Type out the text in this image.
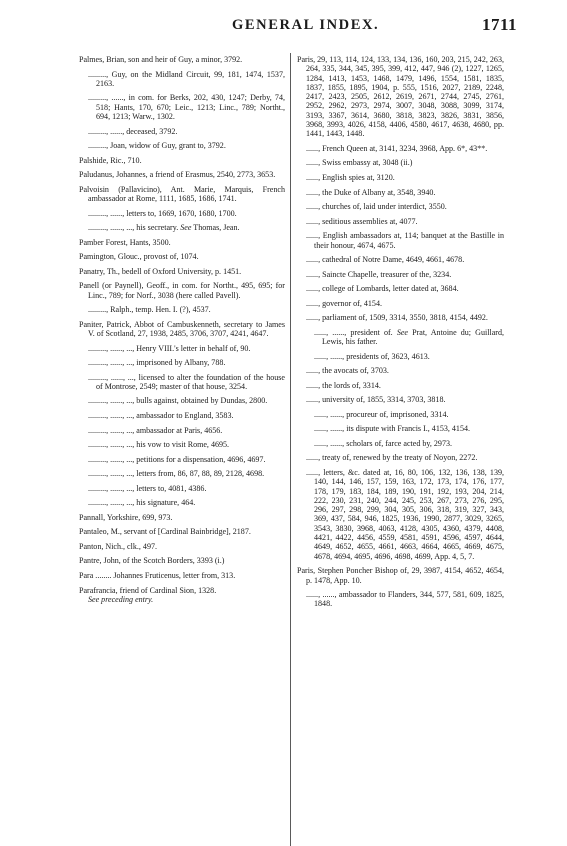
GENERAL INDEX.	1711
Palmes, Brian, son and heir of Guy, a minor, 3792.
........., Guy, on the Midland Circuit, 99, 181, 1474, 1537, 2163.
........., ......, in com. for Berks, 202, 430, 1247; Derby, 74, 518; Hants, 170, 670; Leic., 1213; Linc., 789; Northt., 694, 1213; Warw., 1302.
........., ......, deceased, 3792.
........., Joan, widow of Guy, grant to, 3792.
Palshide, Ric., 710.
Paludanus, Johannes, a friend of Erasmus, 2540, 2773, 3653.
Palvoisin (Pallavicino), Ant. Marie, Marquis, French ambassador at Rome, 1111, 1685, 1686, 1741.
........., ......, letters to, 1669, 1670, 1680, 1700.
........., ......, ..., his secretary. See Thomas, Jean.
Pamber Forest, Hants, 3500.
Pamington, Glouc., provost of, 1074.
Panatry, Th., bedell of Oxford University, p. 1451.
Panell (or Paynell), Geoff., in com. for Northt., 495, 695; for Linc., 789; for Norf., 3038 (here called Pavell).
........., Ralph., temp. Hen. I. (?), 4537.
Paniter, Patrick, Abbot of Cambuskenneth, secretary to James V. of Scotland, 27, 1938, 2485, 3706, 3707, 4241, 4647.
........., ......, ..., Henry VIII.'s letter in behalf of, 90.
........., ......, ..., imprisoned by Albany, 788.
........., ......, ..., licensed to alter the foundation of the house of Montrose, 2549; master of that house, 3254.
........., ......, ..., bulls against, obtained by Dundas, 2800.
........., ......, ..., ambassador to England, 3583.
........., ......, ..., ambassador at Paris, 4656.
........., ......, ..., his vow to visit Rome, 4695.
........., ......, ..., petitions for a dispensation, 4696, 4697.
........., ......, ..., letters from, 86, 87, 88, 89, 2128, 4698.
........., ......, ..., letters to, 4081, 4386.
........., ......, ..., his signature, 464.
Pannall, Yorkshire, 699, 973.
Pantaleo, M., servant of [Cardinal Bainbridge], 2187.
Panton, Nich., clk., 497.
Pantre, John, of the Scotch Borders, 3393 (i.)
Para ........ Johannes Fruticenus, letter from, 313.
Parafrancia, friend of Cardinal Sion, 1328.
See preceding entry.
Paris, 29, 113, 114, 124, 133, 134, 136, 160, 203, 215, 242, 263, 264, 335, 344, 345, 395, 399, 412, 447, 946 (2), 1227, 1265, 1284, 1413, 1453, 1468, 1479, 1496, 1554, 1581, 1835, 1837, 1855, 1895, 1904, p. 555, 1516, 2027, 2189, 2248, 2417, 2423, 2505, 2612, 2619, 2671, 2744, 2745, 2761, 2952, 2962, 2973, 2974, 3007, 3048, 3088, 3099, 3174, 3193, 3367, 3614, 3680, 3818, 3823, 3826, 3831, 3856, 3968, 3993, 4026, 4158, 4406, 4580, 4617, 4638, 4680, pp. 1441, 1443, 1448.
......, French Queen at, 3141, 3234, 3968, App. 6*, 43**.
......, Swiss embassy at, 3048 (ii.)
......, English spies at, 3120.
......, the Duke of Albany at, 3548, 3940.
......, churches of, laid under interdict, 3550.
......, seditious assemblies at, 4077.
......, English ambassadors at, 114; banquet at the Bastille in their honour, 4674, 4675.
......, cathedral of Notre Dame, 4649, 4661, 4678.
......, Saincte Chapelle, treasurer of the, 3234.
......, college of Lombards, letter dated at, 3684.
......, governor of, 4154.
......, parliament of, 1509, 3314, 3550, 3818, 4154, 4492.
......, ......, president of. See Prat, Antoine du; Guillard, Lewis, his father.
......, ......, presidents of, 3623, 4613.
......, the avocats of, 3703.
......, the lords of, 3314.
......, university of, 1855, 3314, 3703, 3818.
......, ......, procureur of, imprisoned, 3314.
......, ......, its dispute with Francis I., 4153, 4154.
......, ......, scholars of, farce acted by, 2973.
......, treaty of, renewed by the treaty of Noyon, 2272.
......, letters, &c. dated at, 16, 80, 106, 132, 136, 138, 139, 140, 144, 146, 157, 159, 163, 172, 173, 174, 176, 177, 178, 179, 183, 184, 189, 190, 191, 192, 193, 204, 214, 222, 230, 231, 240, 244, 245, 253, 267, 273, 276, 295, 296, 297, 298, 299, 304, 305, 306, 318, 319, 327, 343, 369, 437, 584, 946, 1825, 1936, 1990, 2877, 3029, 3265, 3543, 3830, 3968, 4063, 4128, 4305, 4360, 4379, 4408, 4421, 4422, 4456, 4559, 4581, 4591, 4596, 4597, 4644, 4649, 4652, 4655, 4661, 4663, 4664, 4665, 4669, 4675, 4678, 4694, 4695, 4696, 4698, 4699, App. 4, 5, 7.
Paris, Stephen Poncher Bishop of, 29, 3987, 4154, 4652, 4654, p. 1478, App. 10.
......, ......, ambassador to Flanders, 344, 577, 581, 609, 1825, 1848.
